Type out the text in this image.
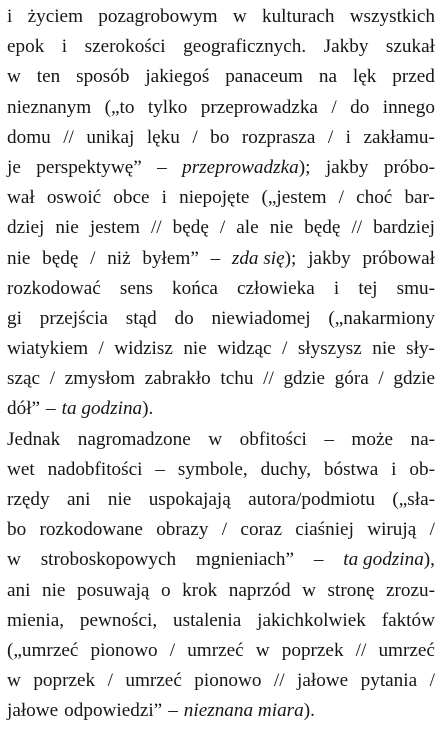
i życiem pozagrobowym w kulturach wszystkich
epok i szerokości geograficznych. Jakby szukał
w ten sposób jakiegoś panaceum na lęk przed
nieznanym („to tylko przeprowadzka / do innego
domu // unikaj lęku / bo rozprasza / i zakłamu-
je perspektywę” – przeprowadzka); jakby próbo-
wał oswoić obce i niepojęte („jestem / choć bar-
dziej nie jestem // będę / ale nie będę // bardziej
nie będę / niż byłem” – zda się); jakby próbował
rozkodować sens końca człowieka i tej smu-
gi przejścia stąd do niewiadomej („nakarmiony
wiatykiem / widzisz nie widząc / słyszysz nie sły-
sząc / zmysłom zabrakło tchu // gdzie góra / gdzie
dół” – ta godzina).
Jednak nagromadzone w obfitości – może na-
wet nadobfitości – symbole, duchy, bóstwa i ob-
rzędy ani nie uspokajają autora/podmiotu („sła-
bo rozkodowane obrazy / coraz ciaśniej wirują /
w stroboskopowych mgnieniach” – ta godzina),
ani nie posuwają o krok naprzód w stronę zrozu-
mienia, pewności, ustalenia jakichkolwiek faktów
(„umrzeć pionowo / umrzeć w poprzek // umrzeć
w poprzek / umrzeć pionowo // jałowe pytania /
jałowe odpowiedzi” – nieznana miara).
